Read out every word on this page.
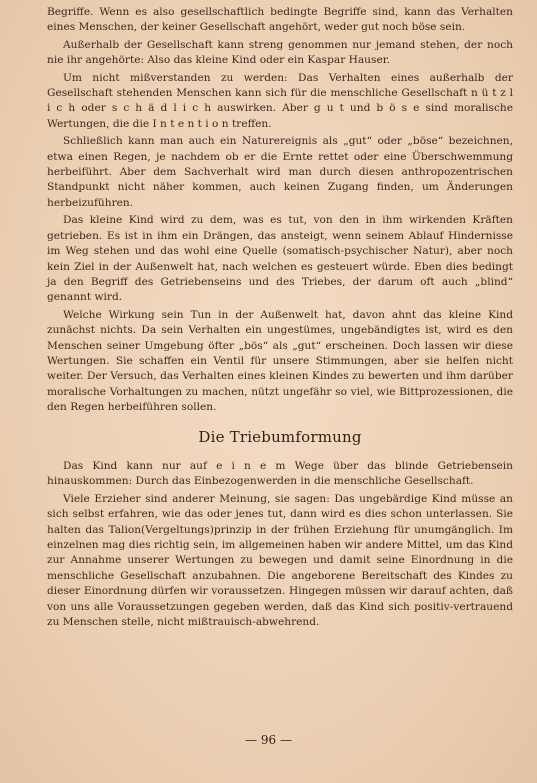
Begriffe. Wenn es also gesellschaftlich bedingte Begriffe sind, kann das Verhalten eines Menschen, der keiner Gesellschaft angehört, weder gut noch böse sein.

Außerhalb der Gesellschaft kann streng genommen nur jemand stehen, der noch nie ihr angehörte: Also das kleine Kind oder ein Kaspar Hauser.

Um nicht mißverstanden zu werden: Das Verhalten eines außerhalb der Gesellschaft stehenden Menschen kann sich für die menschliche Gesellschaft n ü t z l i c h oder s c h ä d l i c h auswirken. Aber g u t und b ö s e sind moralische Wertungen, die die I n t e n t i o n treffen.

Schließlich kann man auch ein Naturereignis als „gut“ oder „böse“ bezeichnen, etwa einen Regen, je nachdem ob er die Ernte rettet oder eine Überschwemmung herbeiführt. Aber dem Sachverhalt wird man durch diesen anthropozentrischen Standpunkt nicht näher kommen, auch keinen Zugang finden, um Änderungen herbeizuführen.

Das kleine Kind wird zu dem, was es tut, von den in ihm wirkenden Kräften getrieben. Es ist in ihm ein Drängen, das ansteigt, wenn seinem Ablauf Hindernisse im Weg stehen und das wohl eine Quelle (somatisch-psychischer Natur), aber noch kein Ziel in der Außenwelt hat, nach welchen es gesteuert würde. Eben dies bedingt ja den Begriff des Getriebenseins und des Triebes, der darum oft auch „blind“ genannt wird.

Welche Wirkung sein Tun in der Außenwelt hat, davon ahnt das kleine Kind zunächst nichts. Da sein Verhalten ein ungestümes, ungebändigtes ist, wird es den Menschen seiner Umgebung öfter „bös“ als „gut“ erscheinen. Doch lassen wir diese Wertungen. Sie schaffen ein Ventil für unsere Stimmungen, aber sie helfen nicht weiter. Der Versuch, das Verhalten eines kleinen Kindes zu bewerten und ihm darüber moralische Vorhaltungen zu machen, nützt ungefähr so viel, wie Bittprozessionen, die den Regen herbeiführen sollen.

Die Triebumformung

Das Kind kann nur auf e i n e m Wege über das blinde Getriebensein hinauskommen: Durch das Einbezogenwerden in die menschliche Gesellschaft.

Viele Erzieher sind anderer Meinung, sie sagen: Das ungebärdige Kind müsse an sich selbst erfahren, wie das oder jenes tut, dann wird es dies schon unterlassen. Sie halten das Talion(Vergeltungs)prinzip in der frühen Erziehung für unumgänglich. Im einzelnen mag dies richtig sein, im allgemeinen haben wir andere Mittel, um das Kind zur Annahme unserer Wertungen zu bewegen und damit seine Einordnung in die menschliche Gesellschaft anzubahnen. Die angeborene Bereitschaft des Kindes zu dieser Einordnung dürfen wir voraussetzen. Hingegen müssen wir darauf achten, daß von uns alle Voraussetzungen gegeben werden, daß das Kind sich positiv-vertrauend zu Menschen stelle, nicht mißtrauisch-abwehrend.

— 96 —
